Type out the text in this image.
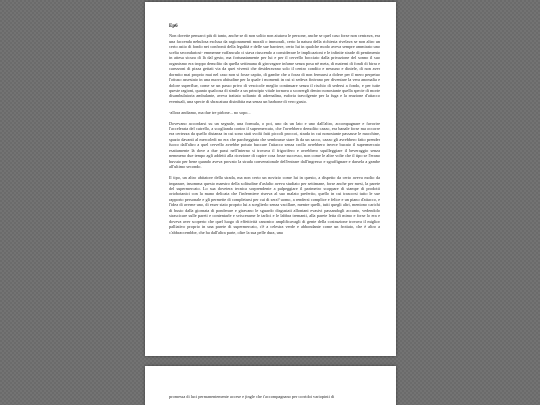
Ep6

Non dovette pensarci più di tanto, anche se di non solito non aiutava le persone, anche se quel caso forse non centrava, era una faccenda nebulosa esclusa da ragionamenti morali o immorali, certo la natura della richiesta rivelava se non altro un certo astio di fondo nei confronti della legalità e delle sue barriere, certo lui in qualche modo aveva sempre ammirato uno scelta secondariosi- emmenne vaffanculo ci stava riuscendo a considerare le implicazioni e le infinite strade di pentimento in attesa sicura di là dal gesto, ma fortunatamente per lui e per il cervello bocciato dalla privazione del sonno il suo organismo era troppo demolito da quella settimana di girovagare infame senza posa nè meta, di materni di fondi di birra e carezzoni di pizza gettati via da quei viventi che desideravano solo il centro condito e nessuno e diniele, di non aver dormito mai proprio mai nel caso non si fosse capito, di gambe che a forza di non fermarsi a dolere per il mero perpetuo l'ottuso assestato in una nuova abitudine per la quale i momenti in cui si sedeva finivano per diventare la vera anomalia e dolore superflue, come se un passo privo di vescicole meglio continuare senza il rischio di sedersi a fondo, e per tutte queste ragioni, quanto qualcosa di simile a un principio vitale tornava a scorrergli dentro nonostante quella specie di morte disambulatoria ambulante, aveva trattato soltanto di adrenalina, euforia travolgente per la fuga e la reazione d'attacco eventuali, una specie di sbracatura disinibita ma senza un barbone di vero gusto.

-allora andiamo, ma due tre pirlone... no sopo...

Dovevano accordarsi su un segnale, una formula, o poi, uno da un lato e uno dall'altro, accompagnare e favorire l'accelerata del cutrello, a scoglianda contro il supermercato, che l'avrebbero demolito cazzo, era banale forse ma occorre era certezza da quello distanza in cui sono stati svolti fatti piccoli proccoi, strada in cui nonostante passasse le macchine, spazio davanti al mercoledi no era che parcheggiata che sembrasse stare là da un sacco, cazzo gli avrebbero fatto prender fuoco dall'altro a quel cervello avrebbe potuto buccare l'attacco senza crollo avrebbero invece bucato il supermercato esattamente là dove a due passi nell'interno si trovava il frigorifero e avrebbero squilleggiare il beveraggio senza nemmeno due tempo agli addetti alla ricezione di capire cosa fosse successo, non come le altre volte che il tipo se l'erano buvuto per bene quando aveva provato la strada convenzionale dell'entrare dall'ingresso e sgraffignare e darsela a gambe all'ultimo secondo.

Il tipo, un altro abitatore della strada, ma non certo un novizio come lui in questo, a dispetto da certo aveva molto da imparare, insomma questo maestro della solitudine d'asfalto aveva studiato per settimane, forse anche per mesi, la parete del supermercato. Lo sua dovetera tecnica sorprendente a palpeggiare il parimetro scoppare di stampe di prodotti ortobotanici con la mano delicata che l'infermiere riserva al suo malato preferito, quello in cui trascorsi tutto le sue rapporto personale e gli permette di completarsi per cui di sera? uomo, a rendersi complice e felice e un piano d'attacco, e l'idea di averne uno, di esser stato proprio lui a sceglierlo senza vacillare, mentre quelli, tutti quegli altri, mentono carichi di busto dalla giornata di ponderare e giravano le sguardo disgustati allontani evasivi passandogli accanto, vedendolo strascicare sulle pareti e contentarle e sviscerarne le tarlici e le labbra tremanti, alla parete letta di mimo e forse lo era e doveva aver scoperto che quel luogo di effettività canonico amplificavagli di gente della costruzione trovava il miglior palliativo proprio in una parete di supermercato, c'è a celestra verde e abbondante come un frottato, che è altro a c'abbraccembbe, che ha dall'altra parte, oltre la sua pelle dura, una

promessa di luci permanentemente accese e jingle che t'accompagnano per corridoi variopinti di
